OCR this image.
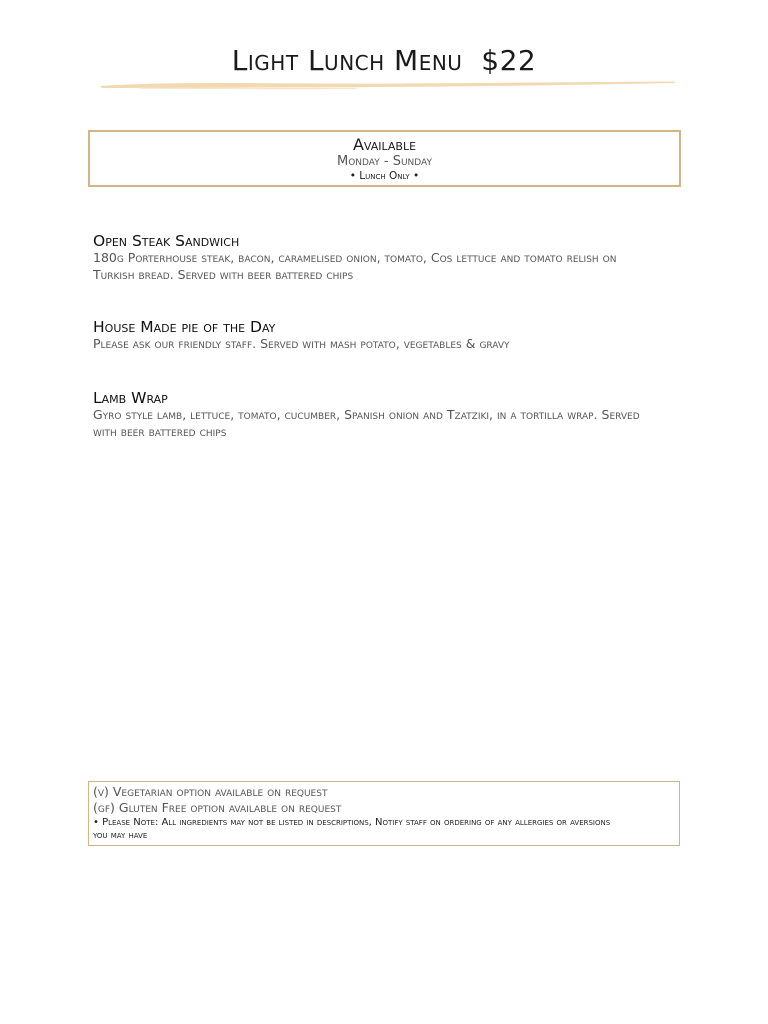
Light Lunch Menu  $22
Available
Monday - Sunday
• Lunch Only •
Open Steak Sandwich
180g Porterhouse steak, bacon, caramelised onion, tomato, Cos lettuce and tomato relish on Turkish bread. Served with beer battered chips
House Made pie of the Day
Please ask our friendly staff. Served with mash potato, vegetables & gravy
Lamb Wrap
Gyro style lamb, lettuce, tomato, cucumber, Spanish onion and Tzatziki, in a tortilla wrap. Served with beer battered chips
(v) Vegetarian option available on request
(gf) Gluten Free option available on request
• Please Note: All ingredients may not be listed in descriptions, Notify staff on ordering of any allergies or aversions you may have
